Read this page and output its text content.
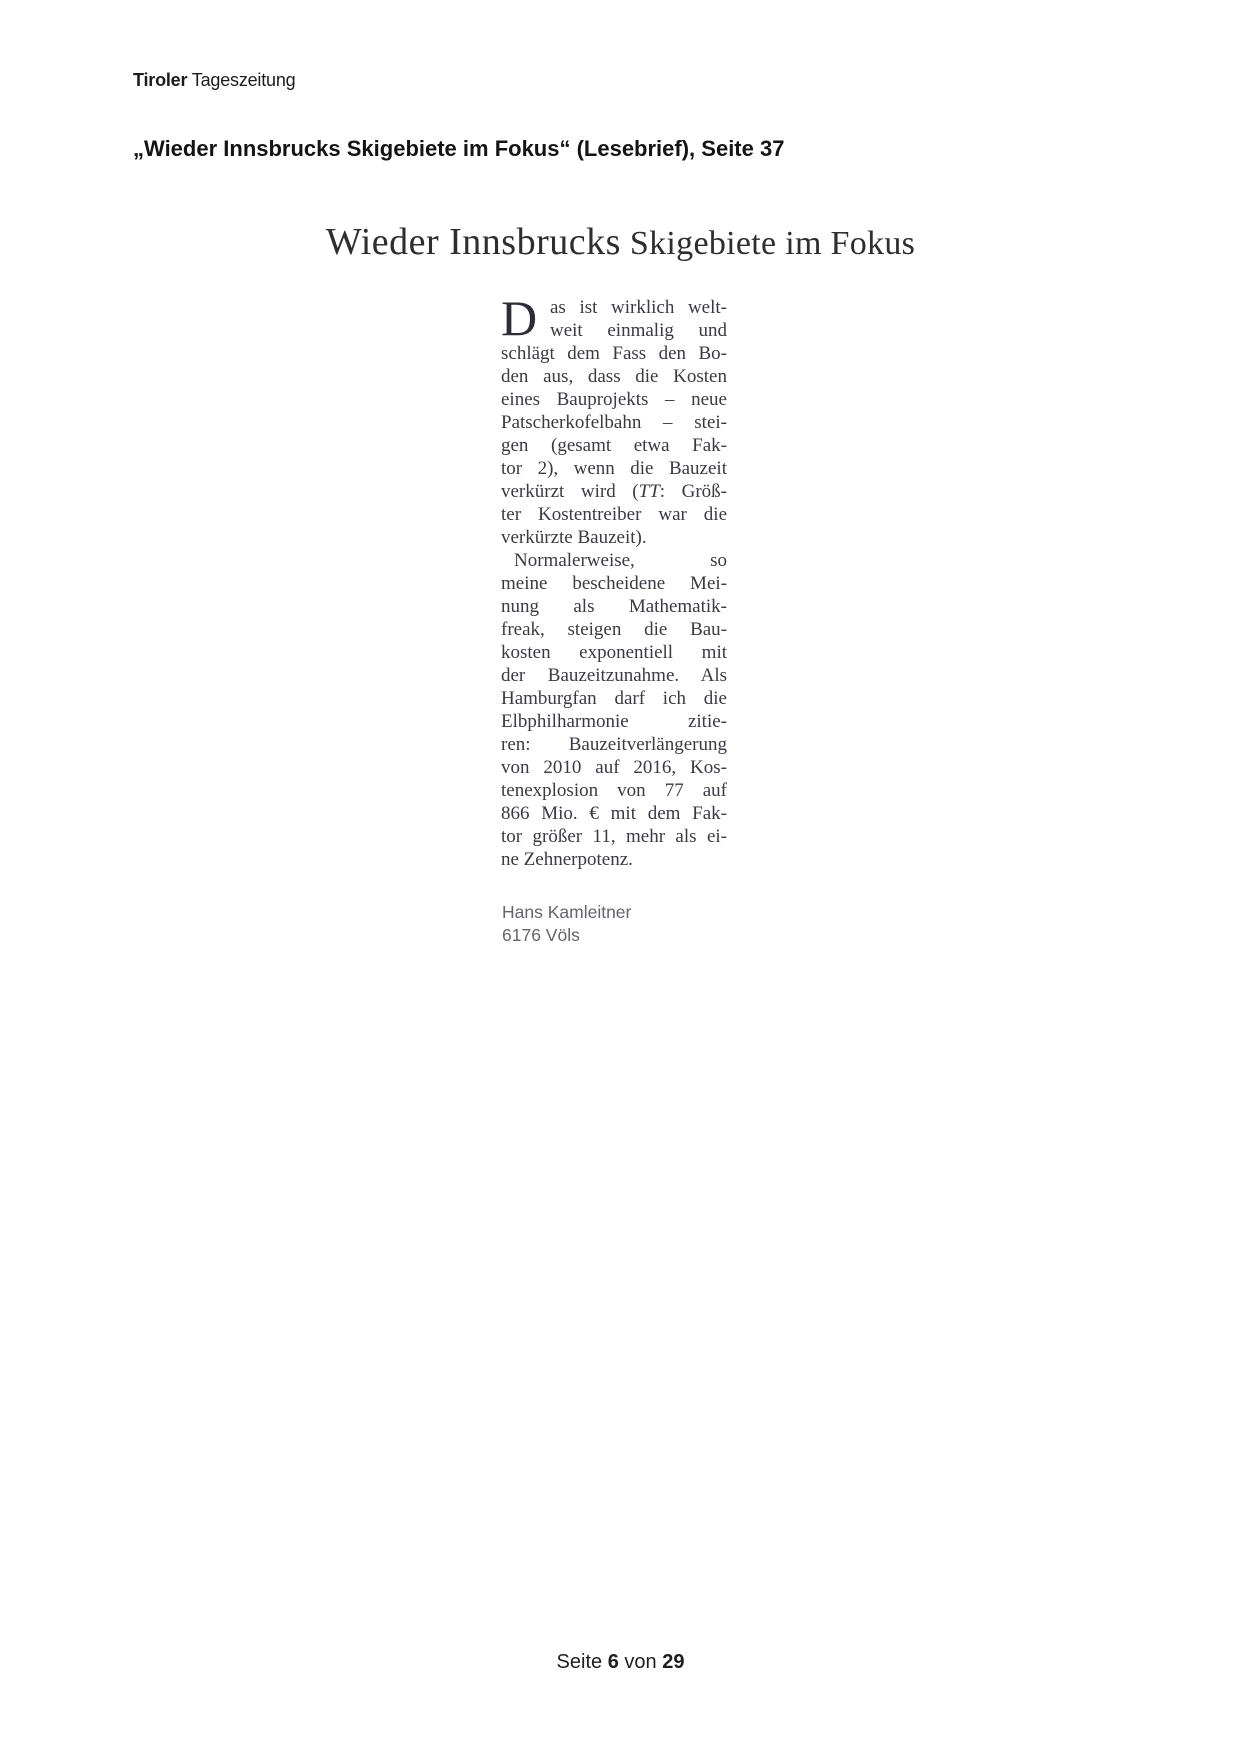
Tiroler Tageszeitung
„Wieder Innsbrucks Skigebiete im Fokus“ (Lesebrief), Seite 37
Wieder Innsbrucks Skigebiete im Fokus
D as ist wirklich welt-
weit einmalig und
schlägt dem Fass den Bo-
den aus, dass die Kosten
eines Bauprojekts – neue
Patscherkofelbahn – stei-
gen (gesamt etwa Fak-
tor 2), wenn die Bauzeit
verkürzt wird (TT: Größ-
ter Kostentreiber war die
verkürzte Bauzeit).
Normalerweise, so
meine bescheidene Mei-
nung als Mathematik-
freak, steigen die Bau-
kosten exponentiell mit
der Bauzeitzunahme. Als
Hamburgfan darf ich die
Elbphilharmonie zitie-
ren: Bauzeitverlängerung
von 2010 auf 2016, Kos-
tenexplosion von 77 auf
866 Mio. € mit dem Fak-
tor größer 11, mehr als ei-
ne Zehnerpotenz.
Hans Kamleitner
6176 Völs
Seite 6 von 29
